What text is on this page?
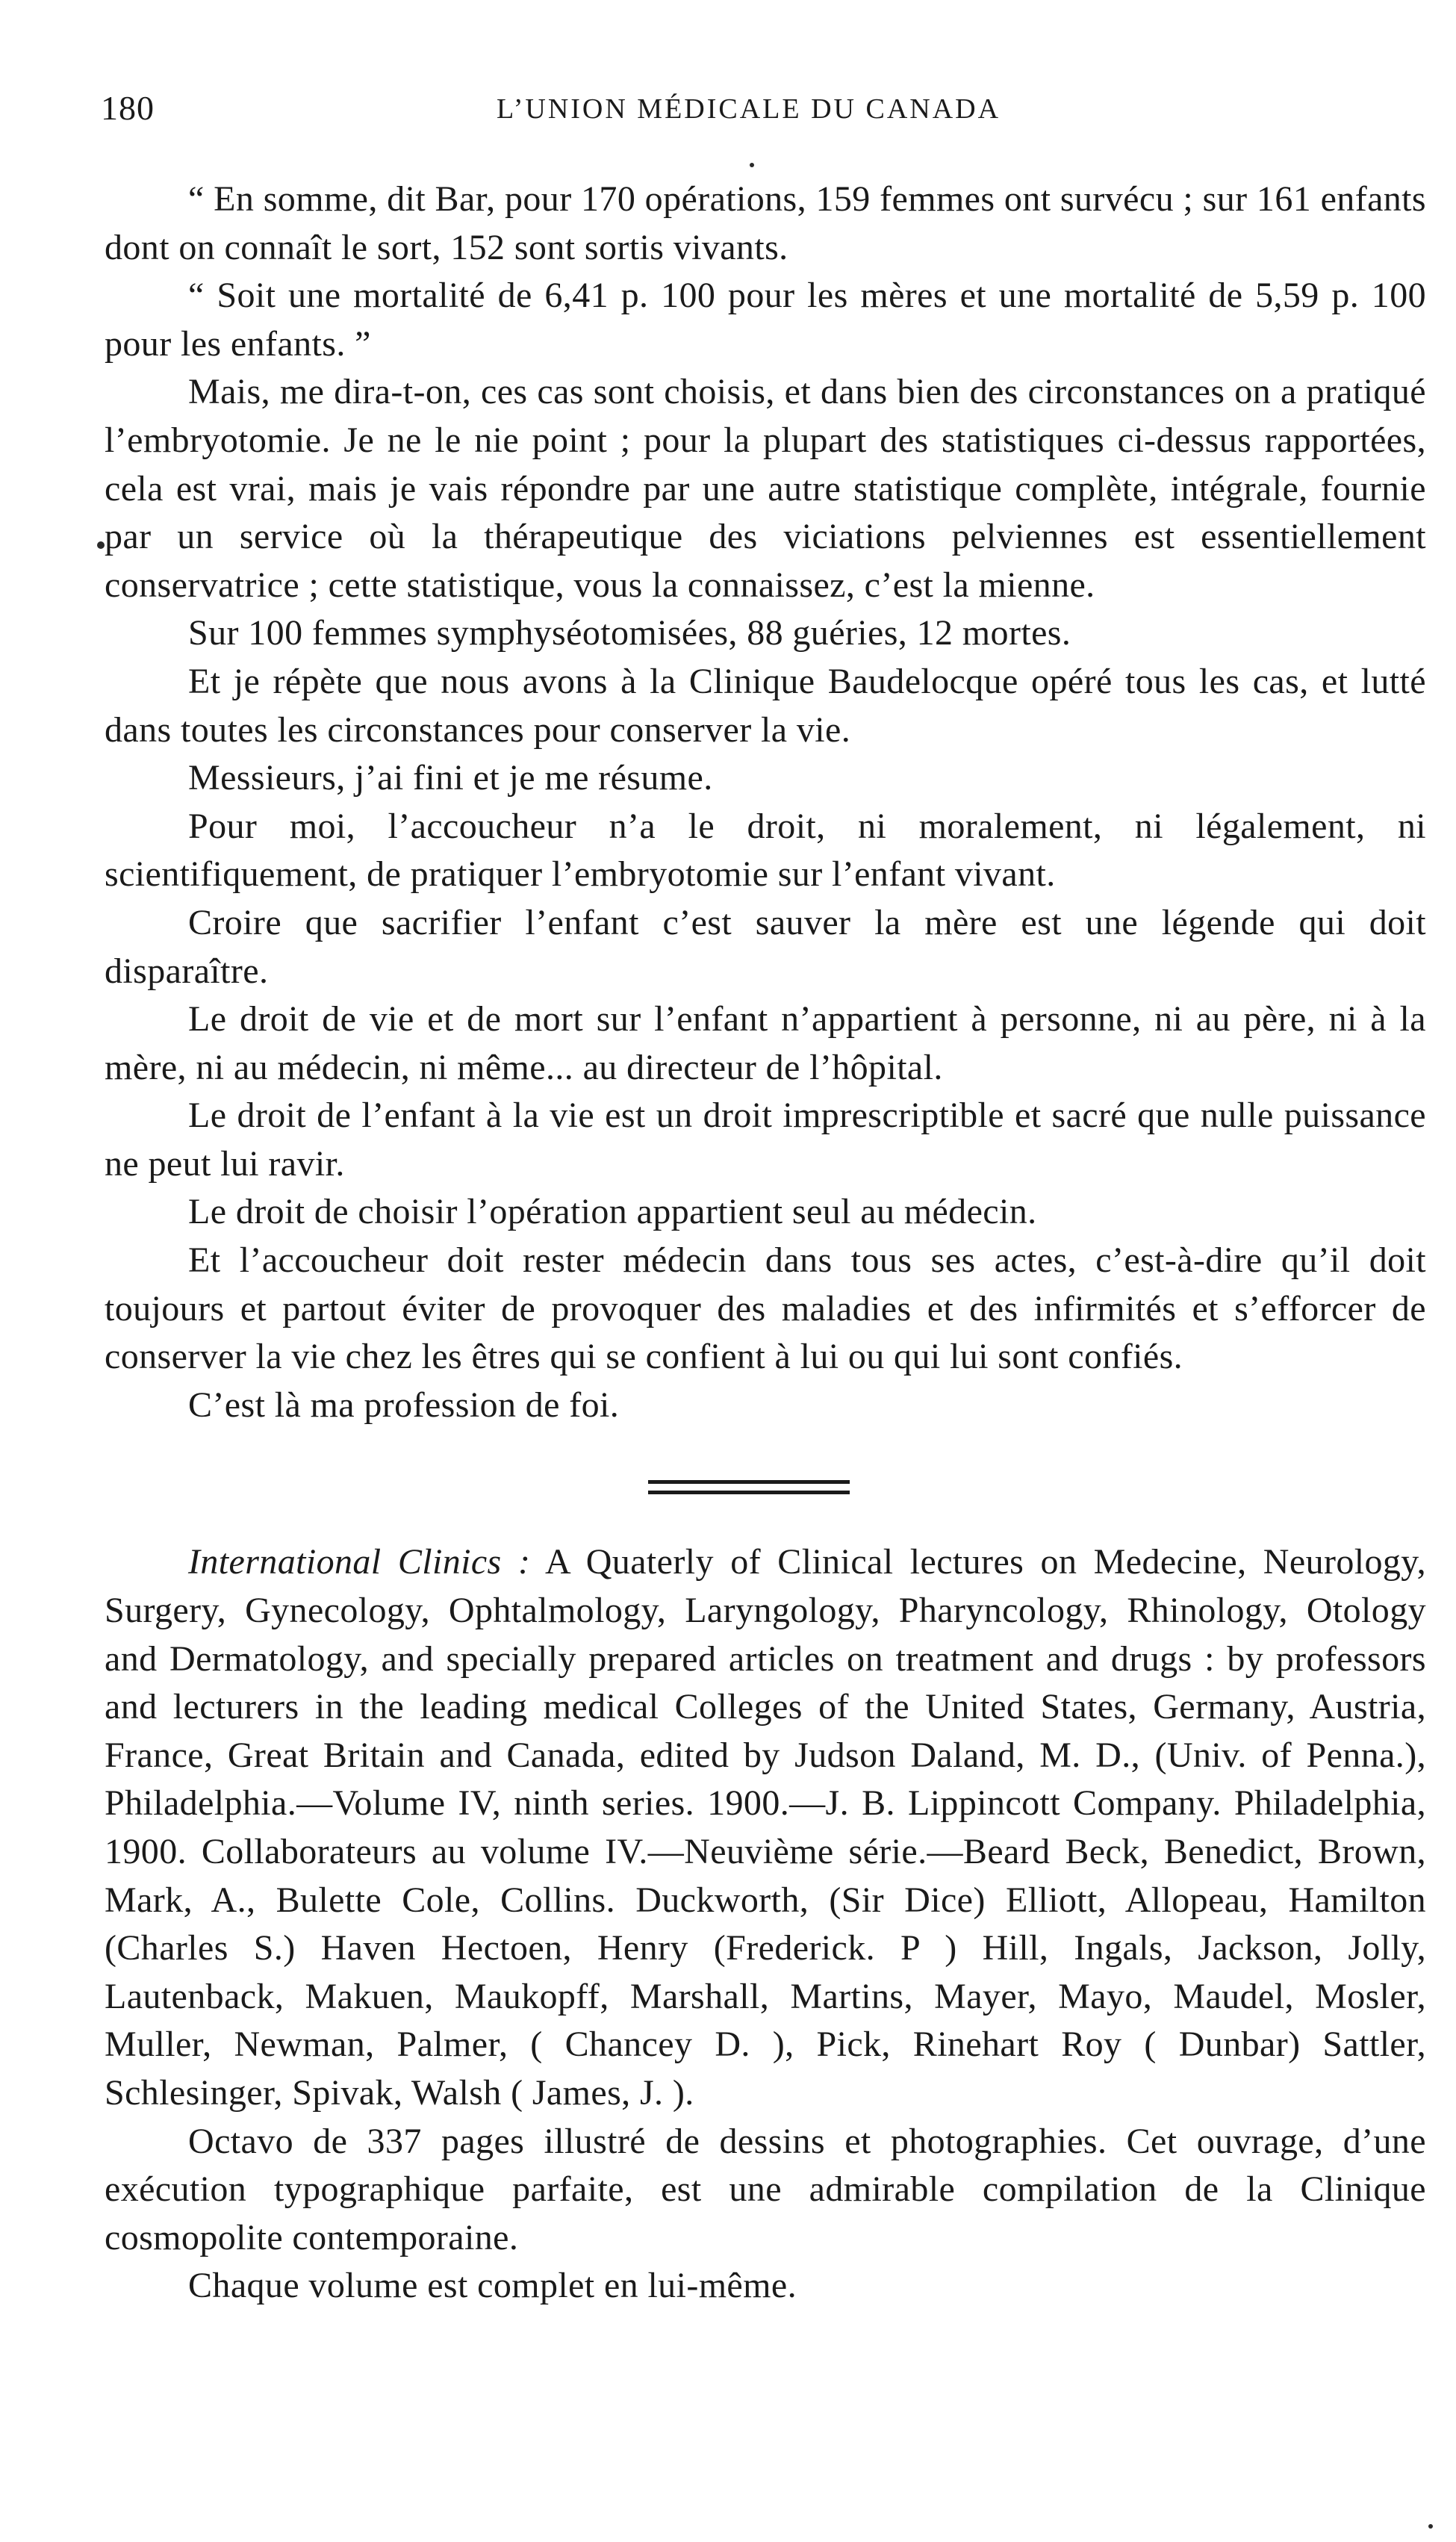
180	L’UNION MÉDICALE DU CANADA

“ En somme, dit Bar, pour 170 opérations, 159 femmes ont survécu ; sur 161 enfants dont on connaît le sort, 152 sont sortis vivants.

“ Soit une mortalité de 6,41 p. 100 pour les mères et une mortalité de 5,59 p. 100 pour les enfants. ”

Mais, me dira-t-on, ces cas sont choisis, et dans bien des circonstances on a pratiqué l’embryotomie. Je ne le nie point ; pour la plupart des statistiques ci-dessus rapportées, cela est vrai, mais je vais répondre par une autre statistique complète, intégrale, fournie par un service où la thérapeutique des viciations pelviennes est essentiellement conservatrice ; cette statistique, vous la connaissez, c’est la mienne.

Sur 100 femmes symphyséotomisées, 88 guéries, 12 mortes.

Et je répète que nous avons à la Clinique Baudelocque opéré tous les cas, et lutté dans toutes les circonstances pour conserver la vie.

Messieurs, j’ai fini et je me résume.

Pour moi, l’accoucheur n’a le droit, ni moralement, ni légalement, ni scientifiquement, de pratiquer l’embryotomie sur l’enfant vivant.

Croire que sacrifier l’enfant c’est sauver la mère est une légende qui doit disparaître.

Le droit de vie et de mort sur l’enfant n’appartient à personne, ni au père, ni à la mère, ni au médecin, ni même... au directeur de l’hôpital.

Le droit de l’enfant à la vie est un droit imprescriptible et sacré que nulle puissance ne peut lui ravir.

Le droit de choisir l’opération appartient seul au médecin.

Et l’accoucheur doit rester médecin dans tous ses actes, c’est-à-dire qu’il doit toujours et partout éviter de provoquer des maladies et des infirmités et s’efforcer de conserver la vie chez les êtres qui se confient à lui ou qui lui sont confiés.

C’est là ma profession de foi.

International Clinics : A Quaterly of Clinical lectures on Medecine, Neurology, Surgery, Gynecology, Ophtalmology, Laryngology, Pharyncology, Rhinology, Otology and Dermatology, and specially prepared articles on treatment and drugs : by professors and lecturers in the leading medical Colleges of the United States, Germany, Austria, France, Great Britain and Canada, edited by Judson Daland, M. D., (Univ. of Penna.), Philadelphia.—Volume IV, ninth series. 1900.—J. B. Lippincott Company. Philadelphia, 1900. Collaborateurs au volume IV.—Neuvième série.—Beard Beck, Benedict, Brown, Mark, A., Bulette Cole, Collins. Duckworth, (Sir Dice) Elliott, Allopeau, Hamilton (Charles S.) Haven Hectoen, Henry (Frederick. P ) Hill, Ingals, Jackson, Jolly, Lautenback, Makuen, Maukopff, Marshall, Martins, Mayer, Mayo, Maudel, Mosler, Muller, Newman, Palmer, ( Chancey D. ), Pick, Rinehart Roy ( Dunbar) Sattler, Schlesinger, Spivak, Walsh ( James, J. ).

Octavo de 337 pages illustré de dessins et photographies. Cet ouvrage, d’une exécution typographique parfaite, est une admirable compilation de la Clinique cosmopolite contemporaine.

Chaque volume est complet en lui-même.
